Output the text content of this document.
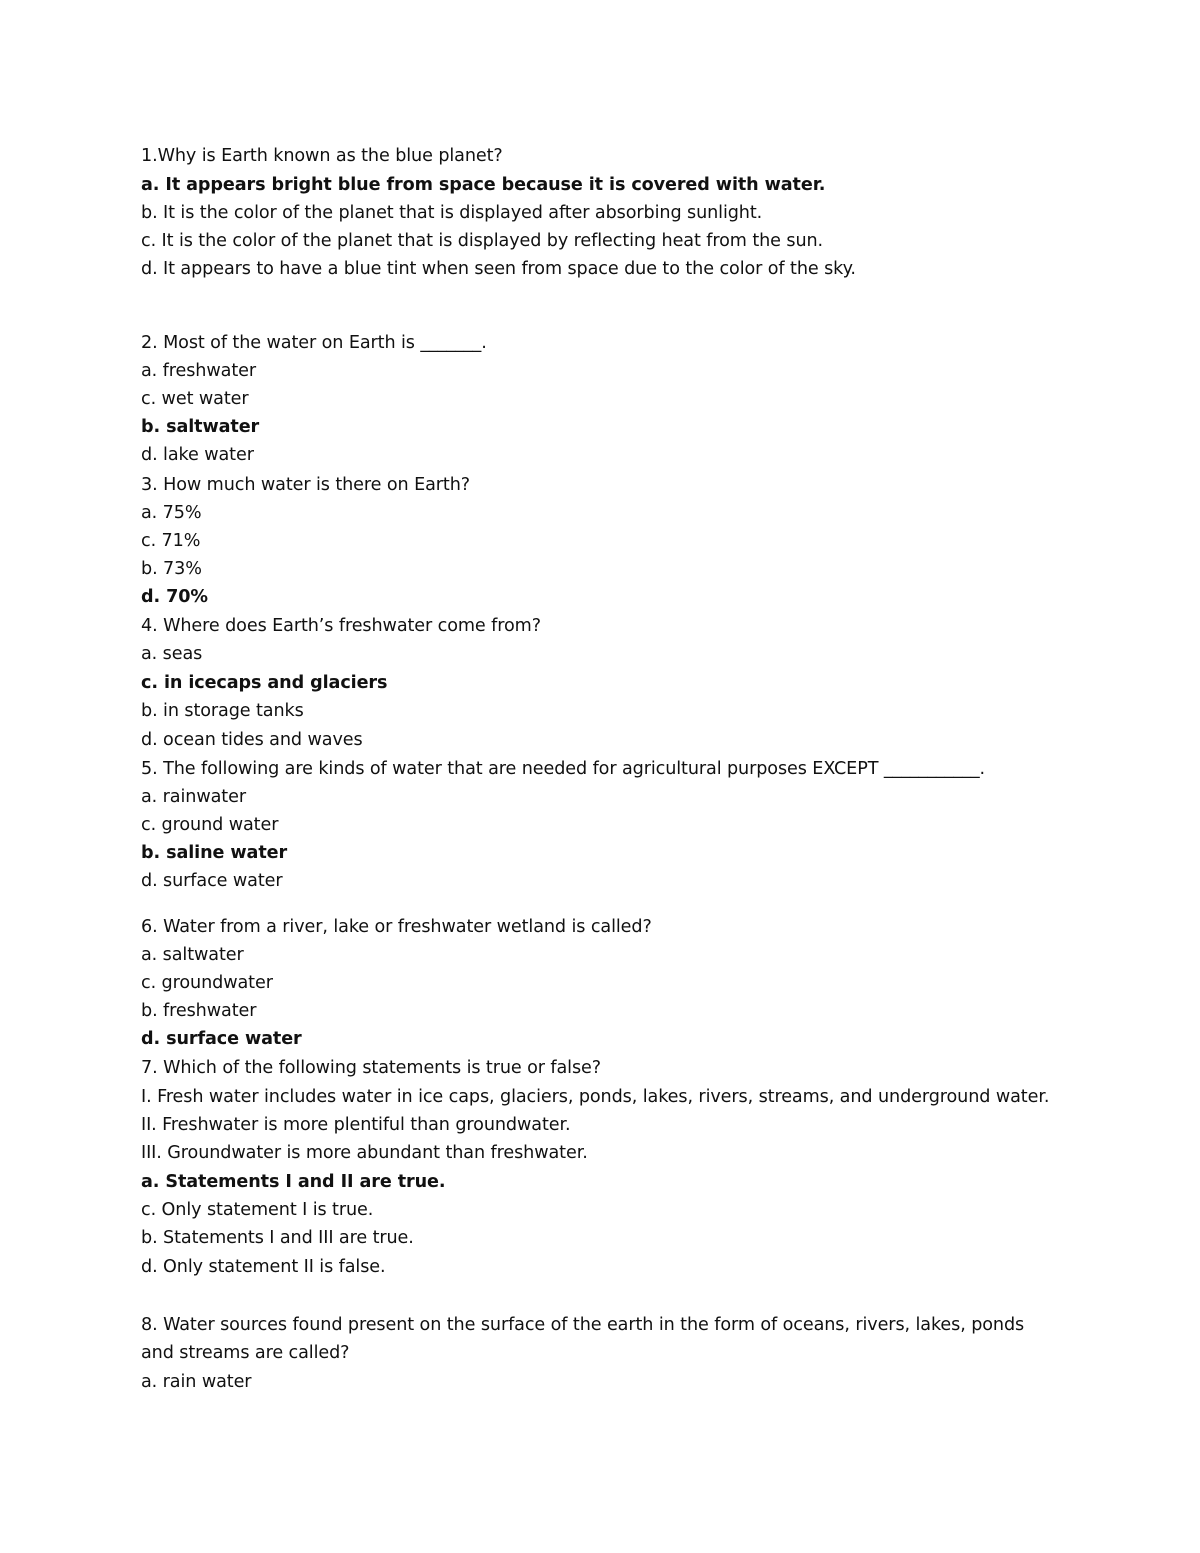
1.Why is Earth known as the blue planet?
a. It appears bright blue from space because it is covered with water.
b. It is the color of the planet that is displayed after absorbing sunlight.
c. It is the color of the planet that is displayed by reflecting heat from the sun.
d. It appears to have a blue tint when seen from space due to the color of the sky.
2. Most of the water on Earth is _______.
a. freshwater
c. wet water
b. saltwater
d. lake water
3. How much water is there on Earth?
a. 75%
c. 71%
b. 73%
d. 70%
4. Where does Earth’s freshwater come from?
a. seas
c. in icecaps and glaciers
b. in storage tanks
d. ocean tides and waves
5. The following are kinds of water that are needed for agricultural purposes EXCEPT ___________.
a. rainwater
c. ground water
b. saline water
d. surface water
6. Water from a river, lake or freshwater wetland is called?
a. saltwater
c. groundwater
b. freshwater
d. surface water
7. Which of the following statements is true or false?
I. Fresh water includes water in ice caps, glaciers, ponds, lakes, rivers, streams, and underground water.
II. Freshwater is more plentiful than groundwater.
III. Groundwater is more abundant than freshwater.
a. Statements I and II are true.
c. Only statement I is true.
b. Statements I and III are true.
d. Only statement II is false.
8. Water sources found present on the surface of the earth in the form of oceans, rivers, lakes, ponds
and streams are called?
a. rain water
